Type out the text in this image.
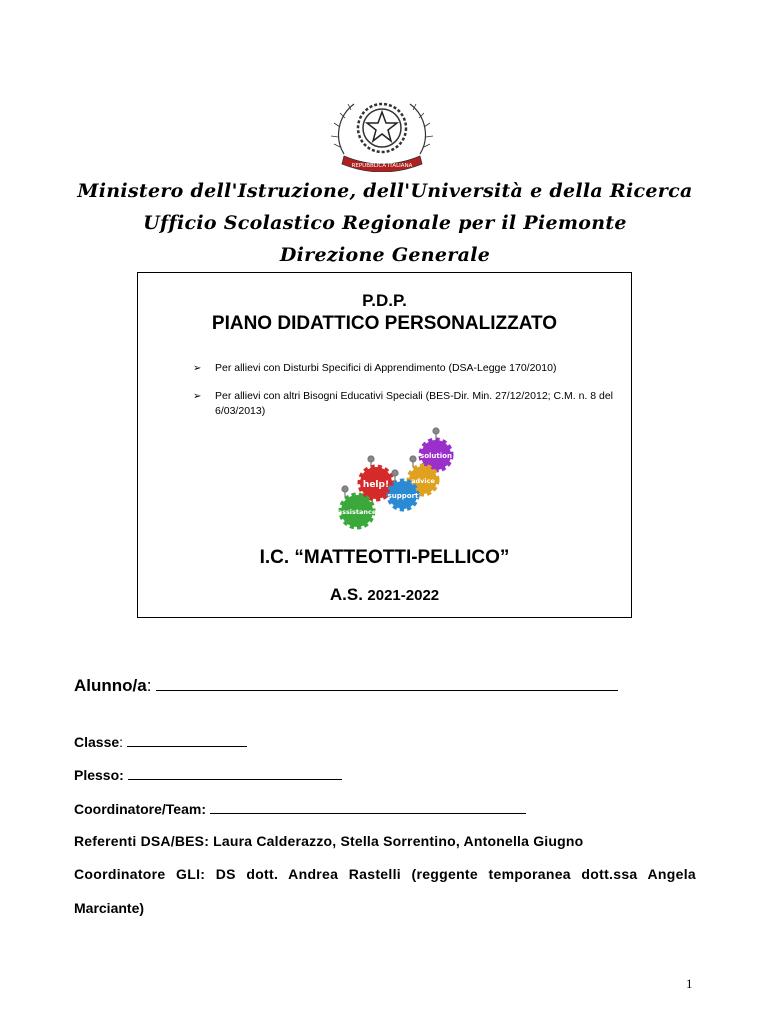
REPUBBLICA ITALIANA
Ministero dell'Istruzione, dell'Università e della Ricerca
Ufficio Scolastico Regionale per il Piemonte
Direzione Generale
P.D.P.
PIANO DIDATTICO PERSONALIZZATO
➢	Per allievi con Disturbi Specifici di Apprendimento (DSA-Legge 170/2010)
➢	Per allievi con altri Bisogni Educativi Speciali (BES-Dir. Min. 27/12/2012; C.M. n. 8 del 6/03/2013)
solution
advice
help!
support
assistance
I.C. “MATTEOTTI-PELLICO”
A.S. 2021-2022
Alunno/a:
Classe:
Plesso:
Coordinatore/Team:
Referenti DSA/BES: Laura Calderazzo, Stella Sorrentino, Antonella Giugno
Coordinatore GLI: DS dott. Andrea Rastelli (reggente temporanea dott.ssa Angela
Marciante)
1
